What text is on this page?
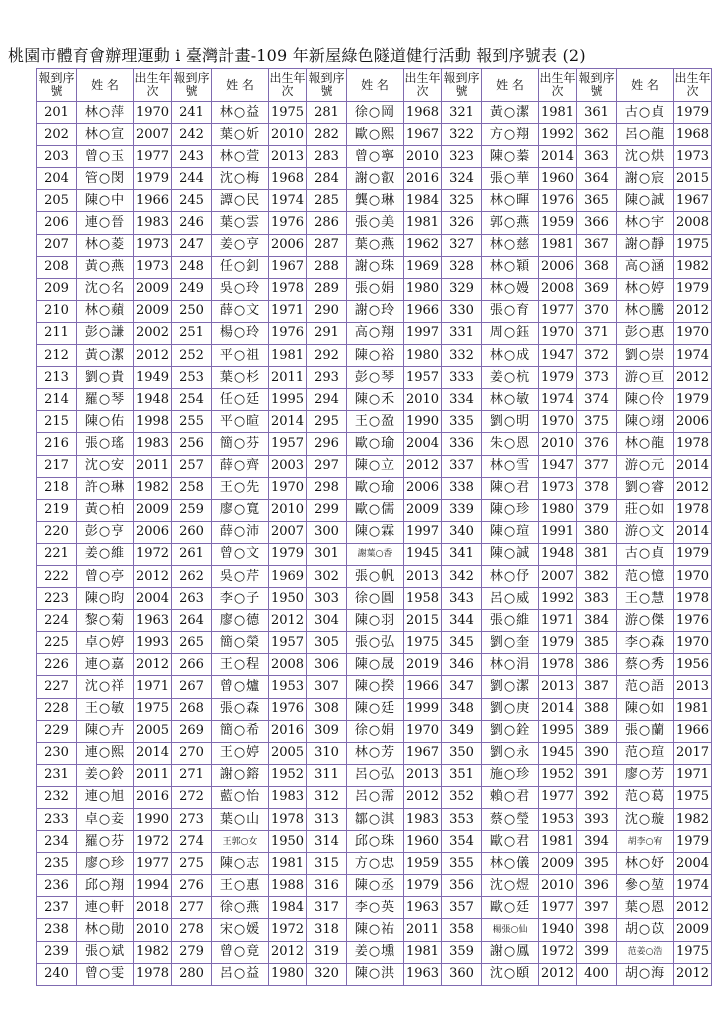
桃園市體育會辦理運動 i 臺灣計畫-109 年新屋綠色隧道健行活動 報到序號表 (2)
報到序號	姓 名	出生年次	報到序號	姓 名	出生年次	報到序號	姓 名	出生年次	報到序號	姓 名	出生年次	報到序號	姓 名	出生年次
201	林○萍	1970	241	林○益	1975	281	徐○岡	1968	321	黃○潔	1981	361	古○貞	1979
202	林○宣	2007	242	葉○妡	2010	282	歐○熙	1967	322	方○翔	1992	362	呂○龍	1968
203	曾○玉	1977	243	林○萱	2013	283	曾○寧	2010	323	陳○蓁	2014	363	沈○烘	1973
204	管○閔	1979	244	沈○梅	1968	284	謝○叡	2016	324	張○華	1960	364	謝○宸	2015
205	陳○中	1966	245	譚○民	1974	285	龔○琳	1984	325	林○暉	1976	365	陳○誠	1967
206	連○晉	1983	246	葉○雲	1976	286	張○美	1981	326	郭○燕	1959	366	林○宇	2008
207	林○菱	1973	247	姜○亨	2006	287	葉○燕	1962	327	林○慈	1981	367	謝○靜	1975
208	黃○燕	1973	248	任○釗	1967	288	謝○珠	1969	328	林○穎	2006	368	高○涵	1982
209	沈○名	2009	249	吳○玲	1978	289	張○娟	1980	329	林○嫚	2008	369	林○婷	1979
210	林○蘋	2009	250	薛○文	1971	290	謝○玲	1966	330	張○育	1977	370	林○騰	2012
211	彭○謙	2002	251	楊○玲	1976	291	高○翔	1997	331	周○鈺	1970	371	彭○惠	1970
212	黃○潔	2012	252	平○祖	1981	292	陳○裕	1980	332	林○成	1947	372	劉○崇	1974
213	劉○貴	1949	253	葉○杉	2011	293	彭○琴	1957	333	姜○杭	1979	373	游○亘	2012
214	羅○琴	1948	254	任○廷	1995	294	陳○禾	2010	334	林○敏	1974	374	陳○伶	1979
215	陳○佑	1998	255	平○暄	2014	295	王○盈	1990	335	劉○明	1970	375	陳○翊	2006
216	張○瑤	1983	256	簡○芬	1957	296	歐○瑜	2004	336	朱○恩	2010	376	林○龍	1978
217	沈○安	2011	257	薛○齊	2003	297	陳○立	2012	337	林○雪	1947	377	游○元	2014
218	許○琳	1982	258	王○先	1970	298	歐○瑜	2006	338	陳○君	1973	378	劉○睿	2012
219	黃○柏	2009	259	廖○寬	2010	299	歐○儒	2009	339	陳○珍	1980	379	莊○如	1978
220	彭○亨	2006	260	薛○沛	2007	300	陳○霖	1997	340	陳○瑄	1991	380	游○文	2014
221	姜○維	1972	261	曾○文	1979	301	謝葉○香	1945	341	陳○誠	1948	381	古○貞	1979
222	曾○亭	2012	262	吳○芹	1969	302	張○帆	2013	342	林○伃	2007	382	范○憶	1970
223	陳○昀	2004	263	李○子	1950	303	徐○圓	1958	343	呂○威	1992	383	王○慧	1978
224	黎○菊	1963	264	廖○德	2012	304	陳○羽	2015	344	張○維	1971	384	游○傑	1976
225	卓○婷	1993	265	簡○榮	1957	305	張○弘	1975	345	劉○奎	1979	385	李○森	1970
226	連○嘉	2012	266	王○程	2008	306	陳○晟	2019	346	林○涓	1978	386	蔡○秀	1956
227	沈○祥	1971	267	曾○爐	1953	307	陳○揆	1966	347	劉○潔	2013	387	范○語	2013
228	王○敏	1975	268	張○森	1976	308	陳○廷	1999	348	劉○庚	2014	388	陳○如	1981
229	陳○卉	2005	269	簡○希	2016	309	徐○娟	1970	349	劉○銓	1995	389	張○蘭	1966
230	連○熙	2014	270	王○婷	2005	310	林○芳	1967	350	劉○永	1945	390	范○瑄	2017
231	姜○鈴	2011	271	謝○鎔	1952	311	呂○弘	2013	351	施○珍	1952	391	廖○芳	1971
232	連○旭	2016	272	藍○怡	1983	312	呂○霈	2012	352	賴○君	1977	392	范○葛	1975
233	卓○妾	1990	273	葉○山	1978	313	鄒○淇	1983	353	蔡○瑩	1953	393	沈○璇	1982
234	羅○芬	1972	274	王郭○女	1950	314	邱○珠	1960	354	歐○君	1981	394	胡李○宥	1979
235	廖○珍	1977	275	陳○志	1981	315	方○忠	1959	355	林○儀	2009	395	林○妤	2004
236	邱○翔	1994	276	王○惠	1988	316	陳○丞	1979	356	沈○煜	2010	396	參○堃	1974
237	連○軒	2018	277	徐○燕	1984	317	李○英	1963	357	歐○廷	1977	397	葉○恩	2012
238	林○勛	2010	278	宋○媛	1972	318	陳○祐	2011	358	楊張○仙	1940	398	胡○苡	2009
239	張○斌	1982	279	曾○竟	2012	319	姜○壎	1981	359	謝○鳳	1972	399	范姜○浩	1975
240	曾○雯	1978	280	呂○益	1980	320	陳○洪	1963	360	沈○頤	2012	400	胡○海	2012
